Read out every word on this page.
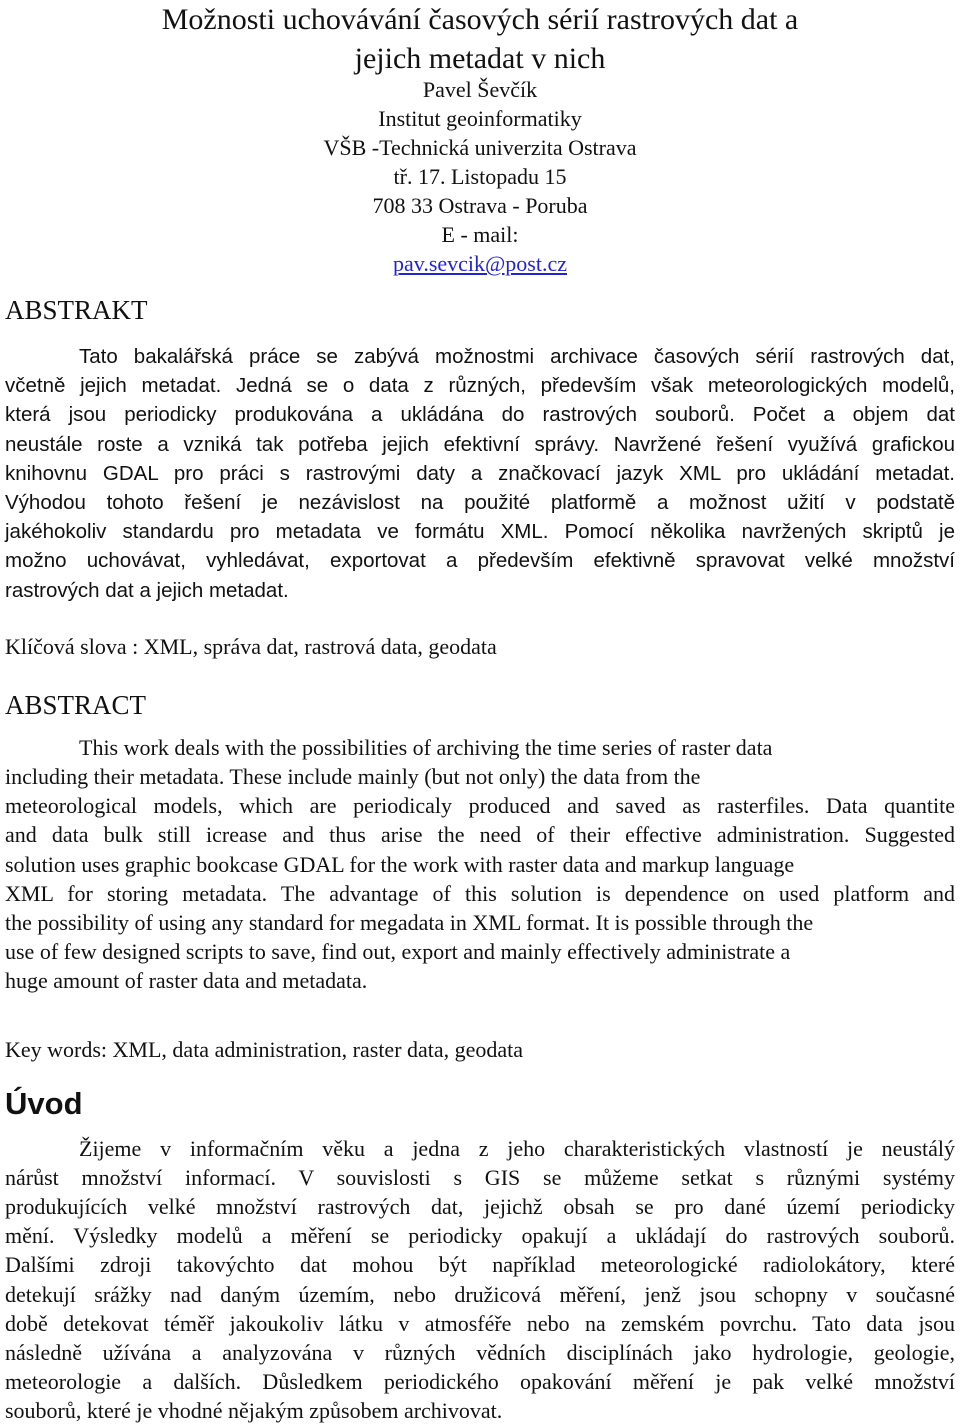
Možnosti uchovávání časových sérií rastrových dat a
jejich metadat v nich
Pavel Ševčík
Institut geoinformatiky
VŠB -Technická univerzita Ostrava
tř. 17. Listopadu 15
708 33 Ostrava - Poruba
E - mail:
pav.sevcik@post.cz
ABSTRAKT
Tato bakalářská práce se zabývá možnostmi archivace časových sérií rastrových dat,
včetně jejich metadat. Jedná se o data z různých, především však meteorologických modelů,
která jsou periodicky produkována a ukládána do rastrových souborů. Počet a objem dat
neustále roste a vzniká tak potřeba jejich efektivní správy. Navržené řešení využívá grafickou
knihovnu GDAL pro práci s rastrovými daty a značkovací jazyk XML pro ukládání metadat.
Výhodou tohoto řešení je nezávislost na použité platformě a možnost užití v podstatě
jakéhokoliv standardu pro metadata ve formátu XML. Pomocí několika navržených skriptů je
možno uchovávat, vyhledávat, exportovat a především efektivně spravovat velké množství
rastrových dat a jejich metadat.

Klíčová slova : XML, správa dat, rastrová data, geodata

ABSTRACT
This work deals with the possibilities of archiving the time series of raster data
including their metadata. These include mainly (but not only) the data from the
meteorological models, which are periodicaly produced and saved as rasterfiles. Data quantite
and data bulk still icrease and thus arise the need of their effective administration. Suggested
solution uses graphic bookcase GDAL for the work with raster data and markup language
XML for storing metadata. The advantage of this solution is dependence on used platform and
the possibility of using any standard for megadata in XML format. It is possible through the
use of few designed scripts to save, find out, export and mainly effectively administrate a
huge amount of raster data and metadata.

Key words: XML, data administration, raster data, geodata

Úvod
Žijeme v informačním věku a jedna z jeho charakteristických vlastností je neustálý
nárůst množství informací. V souvislosti s GIS se můžeme setkat s různými systémy
produkujících velké množství rastrových dat, jejichž obsah se pro dané území periodicky
mění. Výsledky modelů a měření se periodicky opakují a ukládají do rastrových souborů.
Dalšími zdroji takovýchto dat mohou být například meteorologické radiolokátory, které
detekují srážky nad daným územím, nebo družicová měření, jenž jsou schopny v současné
době detekovat téměř jakoukoliv látku v atmosféře nebo na zemském povrchu. Tato data jsou
následně užívána a analyzována v různých vědních disciplínách jako hydrologie, geologie,
meteorologie a dalších. Důsledkem periodického opakování měření je pak velké množství
souborů, které je vhodné nějakým způsobem archivovat.
